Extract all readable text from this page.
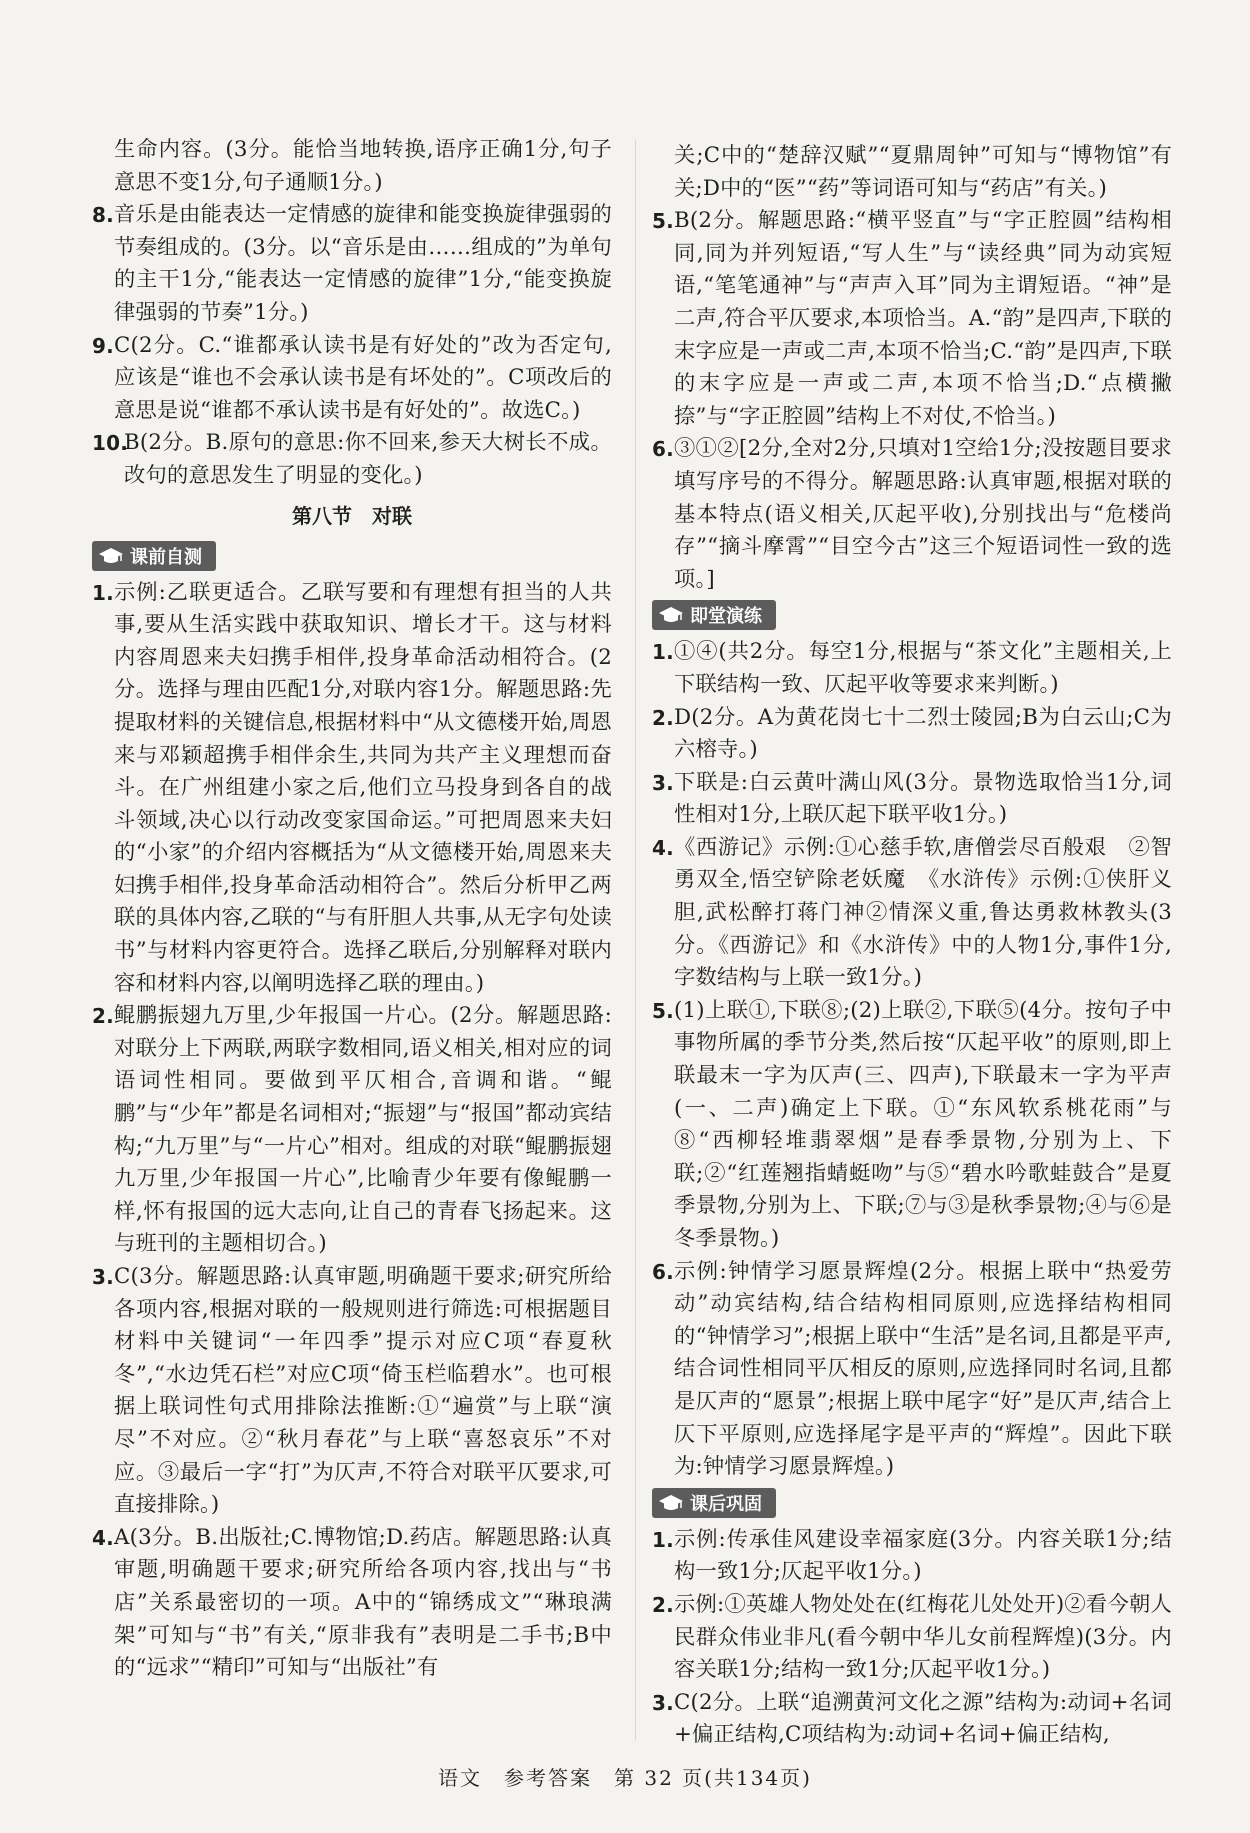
生命内容。(3分。能恰当地转换,语序正确1分,句子意思不变1分,句子通顺1分。)

8. 音乐是由能表达一定情感的旋律和能变换旋律强弱的节奏组成的。(3分。以“音乐是由……组成的”为单句的主干1分,“能表达一定情感的旋律”1分,“能变换旋律强弱的节奏”1分。)

9. C(2分。C.“谁都承认读书是有好处的”改为否定句,应该是“谁也不会承认读书是有坏处的”。C项改后的意思是说“谁都不承认读书是有好处的”。故选C。)

10.
B(2分。B.原句的意思:你不回来,参天大树长不成。改句的意思发生了明显的变化。)

第八节　对联
课前自测

1. 示例:乙联更适合。乙联写要和有理想有担当的人共事,要从生活实践中获取知识、增长才干。这与材料内容周恩来夫妇携手相伴,投身革命活动相符合。(2分。选择与理由匹配1分,对联内容1分。解题思路:先提取材料的关键信息,根据材料中“从文德楼开始,周恩来与邓颖超携手相伴余生,共同为共产主义理想而奋斗。在广州组建小家之后,他们立马投身到各自的战斗领域,决心以行动改变家国命运。”可把周恩来夫妇的“小家”的介绍内容概括为“从文德楼开始,周恩来夫妇携手相伴,投身革命活动相符合”。然后分析甲乙两联的具体内容,乙联的“与有肝胆人共事,从无字句处读书”与材料内容更符合。选择乙联后,分别解释对联内容和材料内容,以阐明选择乙联的理由。)

2. 鲲鹏振翅九万里,少年报国一片心。(2分。解题思路:对联分上下两联,两联字数相同,语义相关,相对应的词语词性相同。要做到平仄相合,音调和谐。“鲲鹏”与“少年”都是名词相对;“振翅”与“报国”都动宾结构;“九万里”与“一片心”相对。组成的对联“鲲鹏振翅九万里,少年报国一片心”,比喻青少年要有像鲲鹏一样,怀有报国的远大志向,让自己的青春飞扬起来。这与班刊的主题相切合。)

3. C(3分。解题思路:认真审题,明确题干要求;研究所给各项内容,根据对联的一般规则进行筛选:可根据题目材料中关键词“一年四季”提示对应C项“春夏秋冬”,“水边凭石栏”对应C项“倚玉栏临碧水”。也可根据上联词性句式用排除法推断:①“遍赏”与上联“演尽”不对应。②“秋月春花”与上联“喜怒哀乐”不对应。③最后一字“打”为仄声,不符合对联平仄要求,可直接排除。)

4. A(3分。B.出版社;C.博物馆;D.药店。解题思路:认真审题,明确题干要求;研究所给各项内容,找出与“书店”关系最密切的一项。A中的“锦绣成文”“琳琅满架”可知与“书”有关,“原非我有”表明是二手书;B中的“远求”“精印”可知与“出版社”有

关;C中的“楚辞汉赋”“夏鼎周钟”可知与“博物馆”有关;D中的“医”“药”等词语可知与“药店”有关。)

5. B(2分。解题思路:“横平竖直”与“字正腔圆”结构相同,同为并列短语,“写人生”与“读经典”同为动宾短语,“笔笔通神”与“声声入耳”同为主谓短语。“神”是二声,符合平仄要求,本项恰当。A.“韵”是四声,下联的末字应是一声或二声,本项不恰当;C.“韵”是四声,下联的末字应是一声或二声,本项不恰当;D.“点横撇捺”与“字正腔圆”结构上不对仗,不恰当。)

6. ③①②[2分,全对2分,只填对1空给1分;没按题目要求填写序号的不得分。解题思路:认真审题,根据对联的基本特点(语义相关,仄起平收),分别找出与“危楼尚存”“摘斗摩霄”“目空今古”这三个短语词性一致的选项。]

即堂演练

1. ①④(共2分。每空1分,根据与“茶文化”主题相关,上下联结构一致、仄起平收等要求来判断。)

2. D(2分。A为黄花岗七十二烈士陵园;B为白云山;C为六榕寺。)

3. 下联是:白云黄叶满山风(3分。景物选取恰当1分,词性相对1分,上联仄起下联平收1分。)

4. 《西游记》示例:①心慈手软,唐僧尝尽百般艰　②智勇双全,悟空铲除老妖魔　《水浒传》示例:①侠肝义胆,武松醉打蒋门神②情深义重,鲁达勇救林教头(3分。《西游记》和《水浒传》中的人物1分,事件1分,字数结构与上联一致1分。)

5. (1)上联①,下联⑧;(2)上联②,下联⑤(4分。按句子中事物所属的季节分类,然后按“仄起平收”的原则,即上联最末一字为仄声(三、四声),下联最末一字为平声(一、二声)确定上下联。①“东风软系桃花雨”与⑧“西柳轻堆翡翠烟”是春季景物,分别为上、下联;②“红莲翘指蜻蜓吻”与⑤“碧水吟歌蛙鼓合”是夏季景物,分别为上、下联;⑦与③是秋季景物;④与⑥是冬季景物。)

6. 示例:钟情学习愿景辉煌(2分。根据上联中“热爱劳动”动宾结构,结合结构相同原则,应选择结构相同的“钟情学习”;根据上联中“生活”是名词,且都是平声,结合词性相同平仄相反的原则,应选择同时名词,且都是仄声的“愿景”;根据上联中尾字“好”是仄声,结合上仄下平原则,应选择尾字是平声的“辉煌”。因此下联为:钟情学习愿景辉煌。)

课后巩固

1. 示例:传承佳风建设幸福家庭(3分。内容关联1分;结构一致1分;仄起平收1分。)

2. 示例:①英雄人物处处在(红梅花儿处处开)②看今朝人民群众伟业非凡(看今朝中华儿女前程辉煌)(3分。内容关联1分;结构一致1分;仄起平收1分。)

3. C(2分。上联“追溯黄河文化之源”结构为:动词+名词+偏正结构,C项结构为:动词+名词+偏正结构,

语文　参考答案　第 32 页(共134页)
